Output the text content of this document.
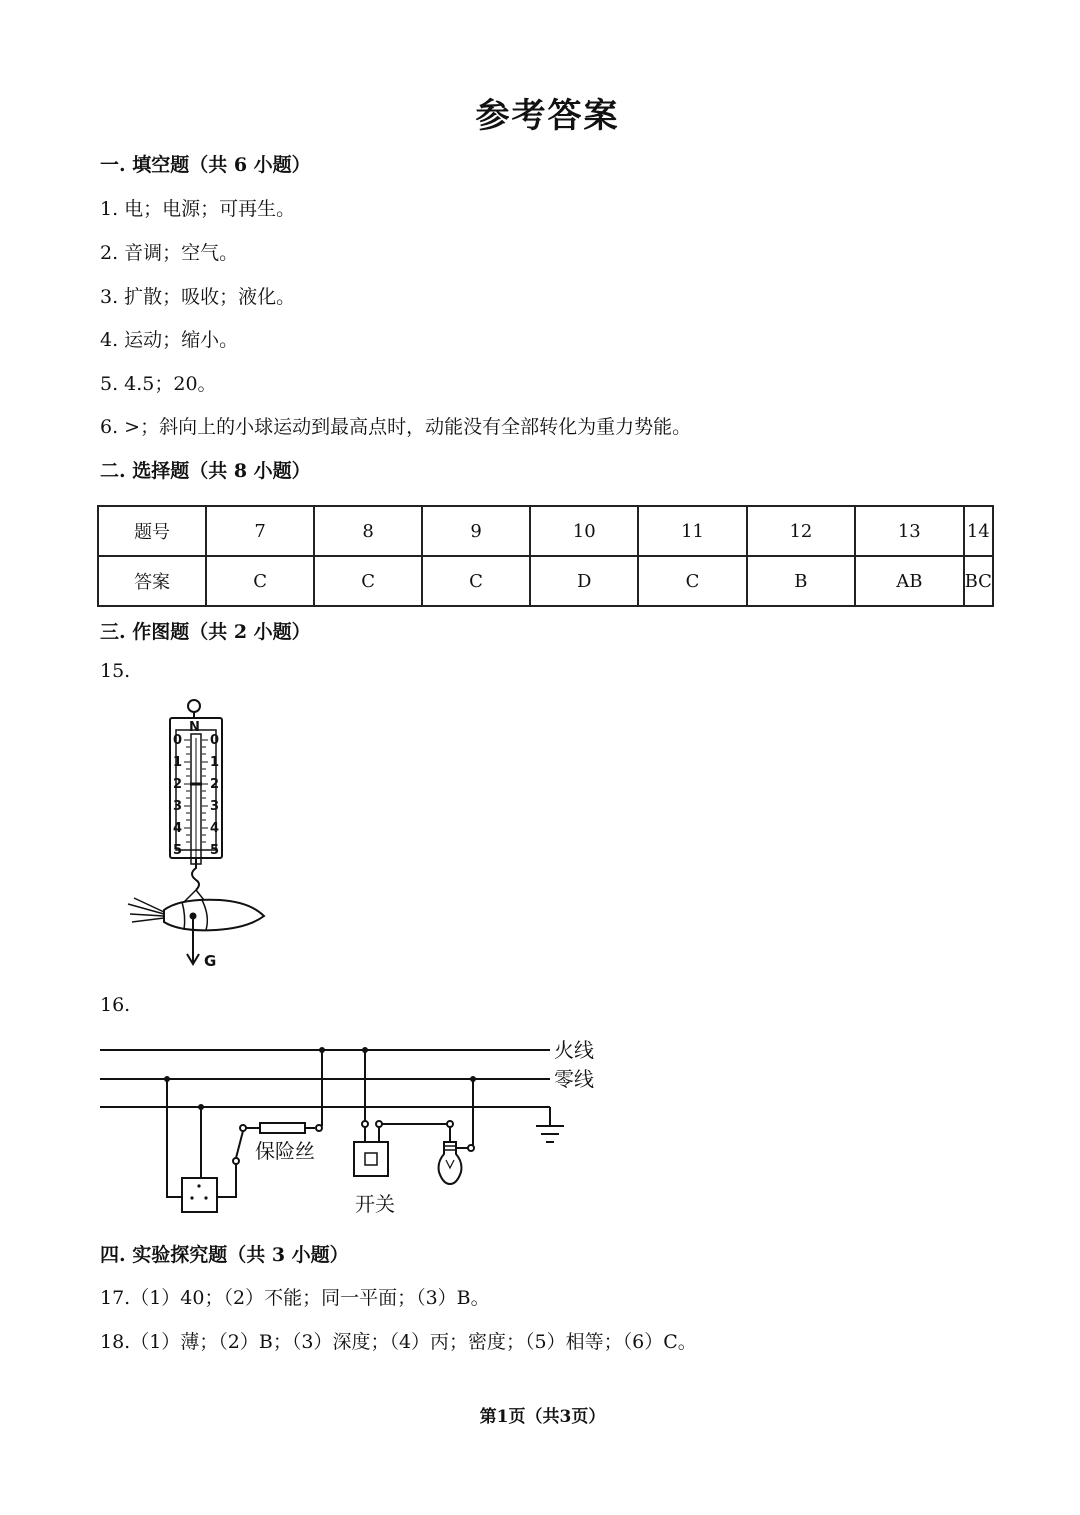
参考答案
一. 填空题（共 6 小题）
1. 电；电源；可再生。
2. 音调；空气。
3. 扩散；吸收；液化。
4. 运动；缩小。
5. 4.5；20。
6. >；斜向上的小球运动到最高点时，动能没有全部转化为重力势能。
二. 选择题（共 8 小题）
题号	7	8	9	10	11	12	13	14
答案	C	C	C	D	C	B	AB	BC
三. 作图题（共 2 小题）
15.
N
0
1
2
3
4
5
0
1
2
3
4
5
G
16.
火线
零线
保险丝
开关
四. 实验探究题（共 3 小题）
17.（1）40；（2）不能；同一平面；（3）B。
18.（1）薄；（2）B；（3）深度；（4）丙；密度；（5）相等；（6）C。
第1页（共3页）
